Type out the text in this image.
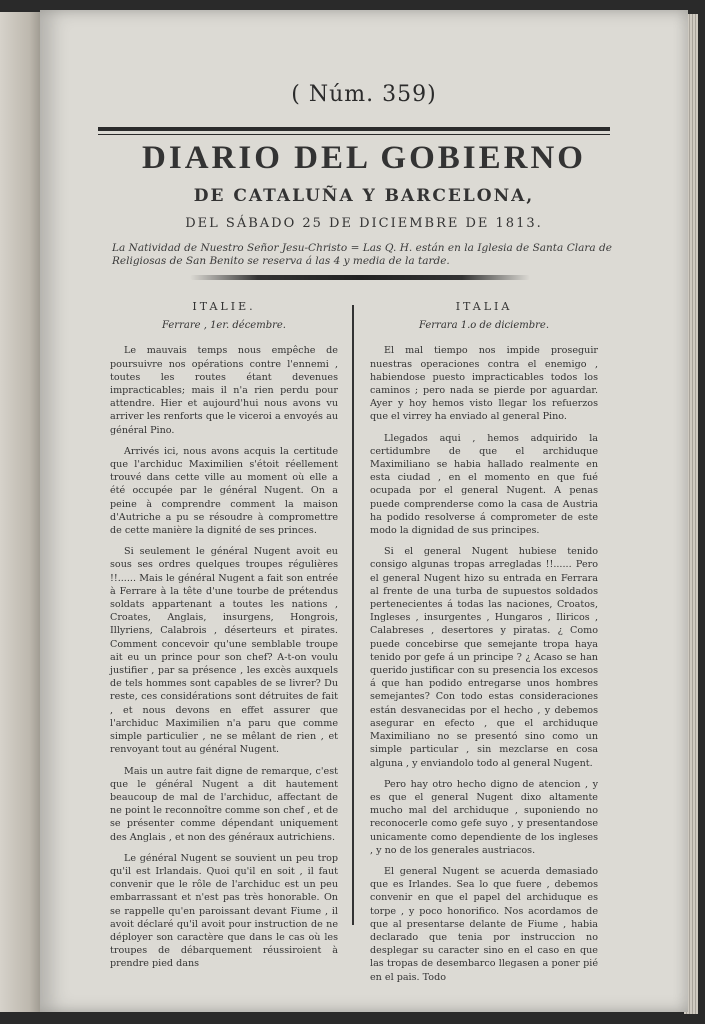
( Núm. 359)
DIARIO DEL GOBIERNO
DE CATALUÑA Y BARCELONA,
DEL SÁBADO 25 DE DICIEMBRE DE 1813.
La Natividad de Nuestro Señor Jesu-Christo = Las Q. H. están en la Iglesia de Santa Clara de Religiosas de San Benito se reserva á las 4 y media de la tarde.
ITALIE.
Ferrare , 1er. décembre.

Le mauvais temps nous empêche de poursuivre nos opérations contre l'ennemi , toutes les routes étant devenues impracticables; mais il n'a rien perdu pour attendre. Hier et aujourd'hui nous avons vu arriver les renforts que le viceroi a envoyés au général Pino.

Arrivés ici, nous avons acquis la certitude que l'archiduc Maximilien s'étoit réellement trouvé dans cette ville au moment où elle a été occupée par le général Nugent. On a peine à comprendre comment la maison d'Autriche a pu se résoudre à compromettre de cette manière la dignité de ses princes.

Si seulement le général Nugent avoit eu sous ses ordres quelques troupes régulières !!...... Mais le général Nugent a fait son entrée à Ferrare à la tête d'une tourbe de prétendus soldats appartenant a toutes les nations , Croates, Anglais, insurgens, Hongrois, Illyriens, Calabrois , déserteurs et pirates. Comment concevoir qu'une semblable troupe ait eu un prince pour son chef? A-t-on voulu justifier , par sa présence , les excès auxquels de tels hommes sont capables de se livrer? Du reste, ces considérations sont détruites de fait , et nous devons en effet assurer que l'archiduc Maximilien n'a paru que comme simple particulier , ne se mêlant de rien , et renvoyant tout au général Nugent.

Mais un autre fait digne de remarque, c'est que le général Nugent a dit hautement beaucoup de mal de l'archiduc, affectant de ne point le reconnoître comme son chef , et de se présenter comme dépendant uniquement des Anglais , et non des généraux autrichiens.

Le général Nugent se souvient un peu trop qu'il est Irlandais. Quoi qu'il en soit , il faut convenir que le rôle de l'archiduc est un peu embarrassant et n'est pas très honorable. On se rappelle qu'en paroissant devant Fiume , il avoit déclaré qu'il avoit pour instruction de ne déployer son caractère que dans le cas où les troupes de débarquement réussiroient à prendre pied dans

ITALIA
Ferrara 1.o de diciembre.

El mal tiempo nos impide proseguir nuestras operaciones contra el enemigo , habiendose puesto impracticables todos los caminos ; pero nada se pierde por aguardar. Ayer y hoy hemos visto llegar los refuerzos que el virrey ha enviado al general Pino.

Llegados aqui , hemos adquirido la certidumbre de que el archiduque Maximiliano se habia hallado realmente en esta ciudad , en el momento en que fué ocupada por el general Nugent. A penas puede comprenderse como la casa de Austria ha podido resolverse á comprometer de este modo la dignidad de sus principes.

Si el general Nugent hubiese tenido consigo algunas tropas arregladas !!...... Pero el general Nugent hizo su entrada en Ferrara al frente de una turba de supuestos soldados pertenecientes á todas las naciones, Croatos, Ingleses , insurgentes , Hungaros , Iliricos , Calabreses , desertores y piratas. ¿ Como puede concebirse que semejante tropa haya tenido por gefe á un principe ? ¿ Acaso se han querido justificar con su presencia los excesos á que han podido entregarse unos hombres semejantes? Con todo estas consideraciones están desvanecidas por el hecho , y debemos asegurar en efecto , que el archiduque Maximiliano no se presentó sino como un simple particular , sin mezclarse en cosa alguna , y enviandolo todo al general Nugent.

Pero hay otro hecho digno de atencion , y es que el general Nugent dixo altamente mucho mal del archiduque , suponiendo no reconocerle como gefe suyo , y presentandose unicamente como dependiente de los ingleses , y no de los generales austriacos.

El general Nugent se acuerda demasiado que es Irlandes. Sea lo que fuere , debemos convenir en que el papel del archiduque es torpe , y poco honorifico. Nos acordamos de que al presentarse delante de Fiume , habia declarado que tenia por instruccion no desplegar su caracter sino en el caso en que las tropas de desembarco llegasen a poner pié en el pais. Todo
